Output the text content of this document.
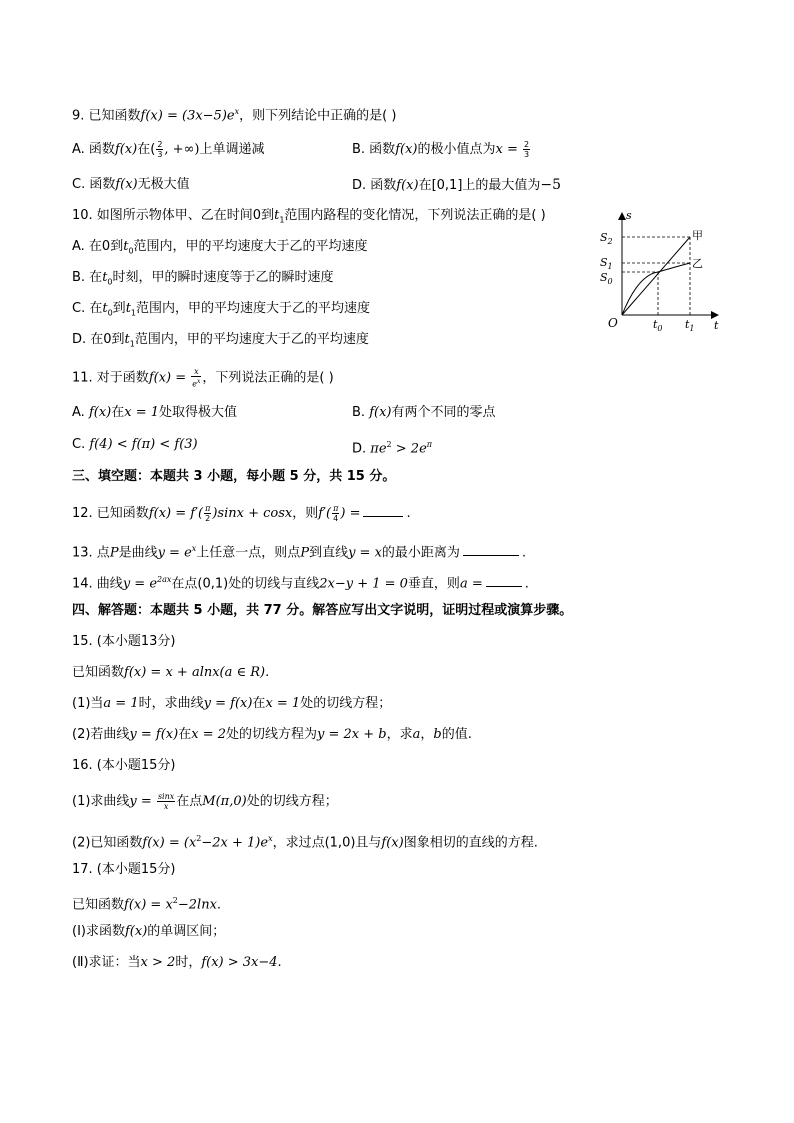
9. 已知函数$f(x) = (3x-5)e^x$，则下列结论中正确的是( )
A. 函数f(x)在( $\frac{2}{3}$ , +∞)上单调递减	B. 函数f(x)的极小值点为$x = \frac{2}{3}$
C. 函数f(x)无极大值	D. 函数f(x)在[0,1]上的最大值为−5
10. 如图所示物体甲、乙在时间0到$t_1$范围内路程的变化情况，下列说法正确的是( )
A. 在0到$t_0$范围内，甲的平均速度大于乙的平均速度
B. 在$t_0$时刻，甲的瞬时速度等于乙的瞬时速度
C. 在$t_0$到$t_1$范围内，甲的平均速度大于乙的平均速度
D. 在0到$t_1$范围内，甲的平均速度大于乙的平均速度
s
t
O
$S_2$
$S_1$
$S_0$
$t_0$ $t_1$
甲
乙
11. 对于函数$f(x) = \frac{x}{e^x}$ ，下列说法正确的是( )
A. f(x)在x = 1处取得极大值	B. f(x)有两个不同的零点
C. f(4) < f(π) < f(3)	D. $\pi e^2 > 2e^\pi$
三、填空题：本题共 3 小题，每小题 5 分，共 15 分。
12. 已知函数$f(x) = f'( \frac{\pi}{2} )\sin x + \cos x$，则$f'( \frac{\pi}{4}$ ) =	.
13. 点P是曲线$y = e^x$上任意一点，则点P到直线y = x的最小距离为	.
14. 曲线$y = e^{2ax}$在点(0,1)处的切线与直线2x−y + 1 = 0垂直，则a =	.
四、解答题：本题共 5 小题，共 77 分。解答应写出文字说明，证明过程或演算步骤。
15. (本小题13分)
已知函数f(x) = x + alnx(a ∈ R).
(1)当a = 1时，求曲线y = f(x)在x = 1处的切线方程；
(2)若曲线y = f(x)在x = 2处的切线方程为y = 2x + b，求a，b的值.
16. (本小题15分)
(1)求曲线$y = \frac{\sin x}{x}$ 在点M(π,0)处的切线方程；
(2)已知函数$f(x) = (x^2-2x + 1)e^x$，求过点(1,0)且与f(x)图象相切的直线的方程.
17. (本小题15分)
已知函数$f(x) = x^2-2\ln x$.
(Ⅰ)求函数f(x)的单调区间；
(Ⅱ)求证：当x > 2时，f(x) > 3x−4.
